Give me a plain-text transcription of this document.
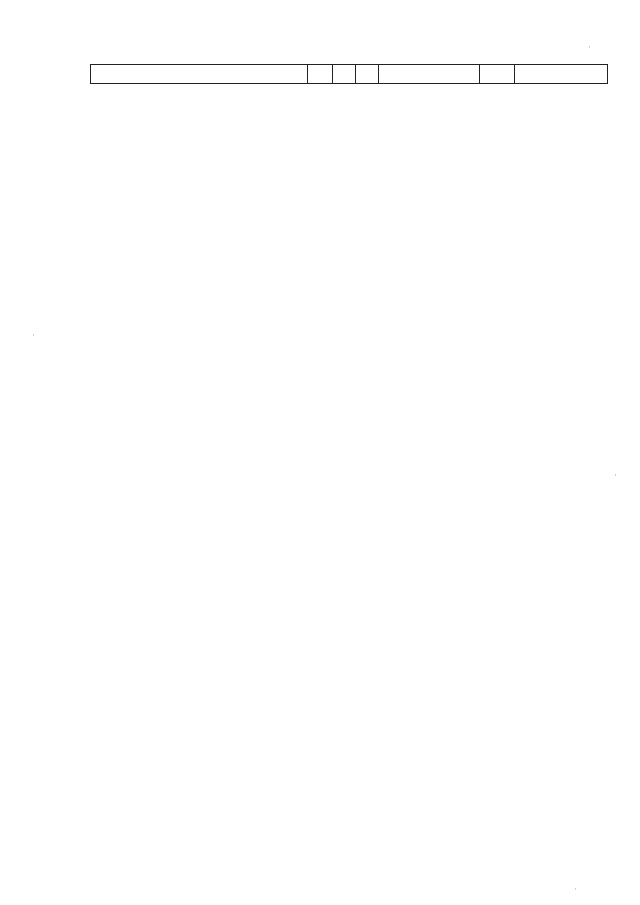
·
·
·
·
